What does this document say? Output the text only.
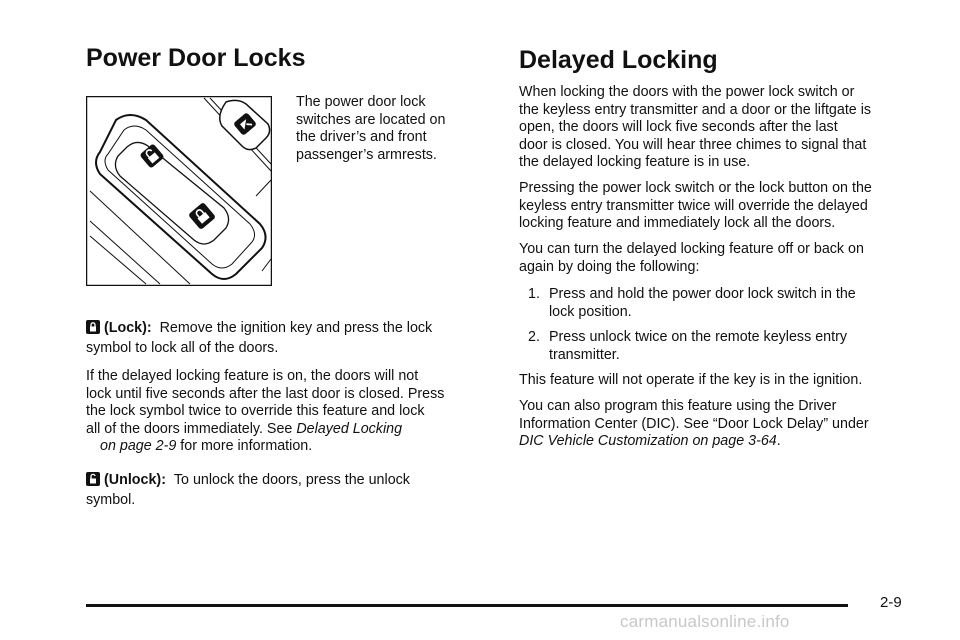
Power Door Locks
The power door lock
switches are located on
the driver’s and front
passenger’s armrests.
(Lock): Remove the ignition key and press the lock
symbol to lock all of the doors.
If the delayed locking feature is on, the doors will not
lock until five seconds after the last door is closed. Press
the lock symbol twice to override this feature and lock
all of the doors immediately. See Delayed Locking
on page 2-9 for more information.
(Unlock): To unlock the doors, press the unlock
symbol.
Delayed Locking
When locking the doors with the power lock switch or
the keyless entry transmitter and a door or the liftgate is
open, the doors will lock five seconds after the last
door is closed. You will hear three chimes to signal that
the delayed locking feature is in use.
Pressing the power lock switch or the lock button on the
keyless entry transmitter twice will override the delayed
locking feature and immediately lock all the doors.
You can turn the delayed locking feature off or back on
again by doing the following:
1. Press and hold the power door lock switch in the
lock position.
2. Press unlock twice on the remote keyless entry
transmitter.
This feature will not operate if the key is in the ignition.
You can also program this feature using the Driver
Information Center (DIC). See “Door Lock Delay” under
DIC Vehicle Customization on page 3-64.
2-9
carmanualsonline.info
